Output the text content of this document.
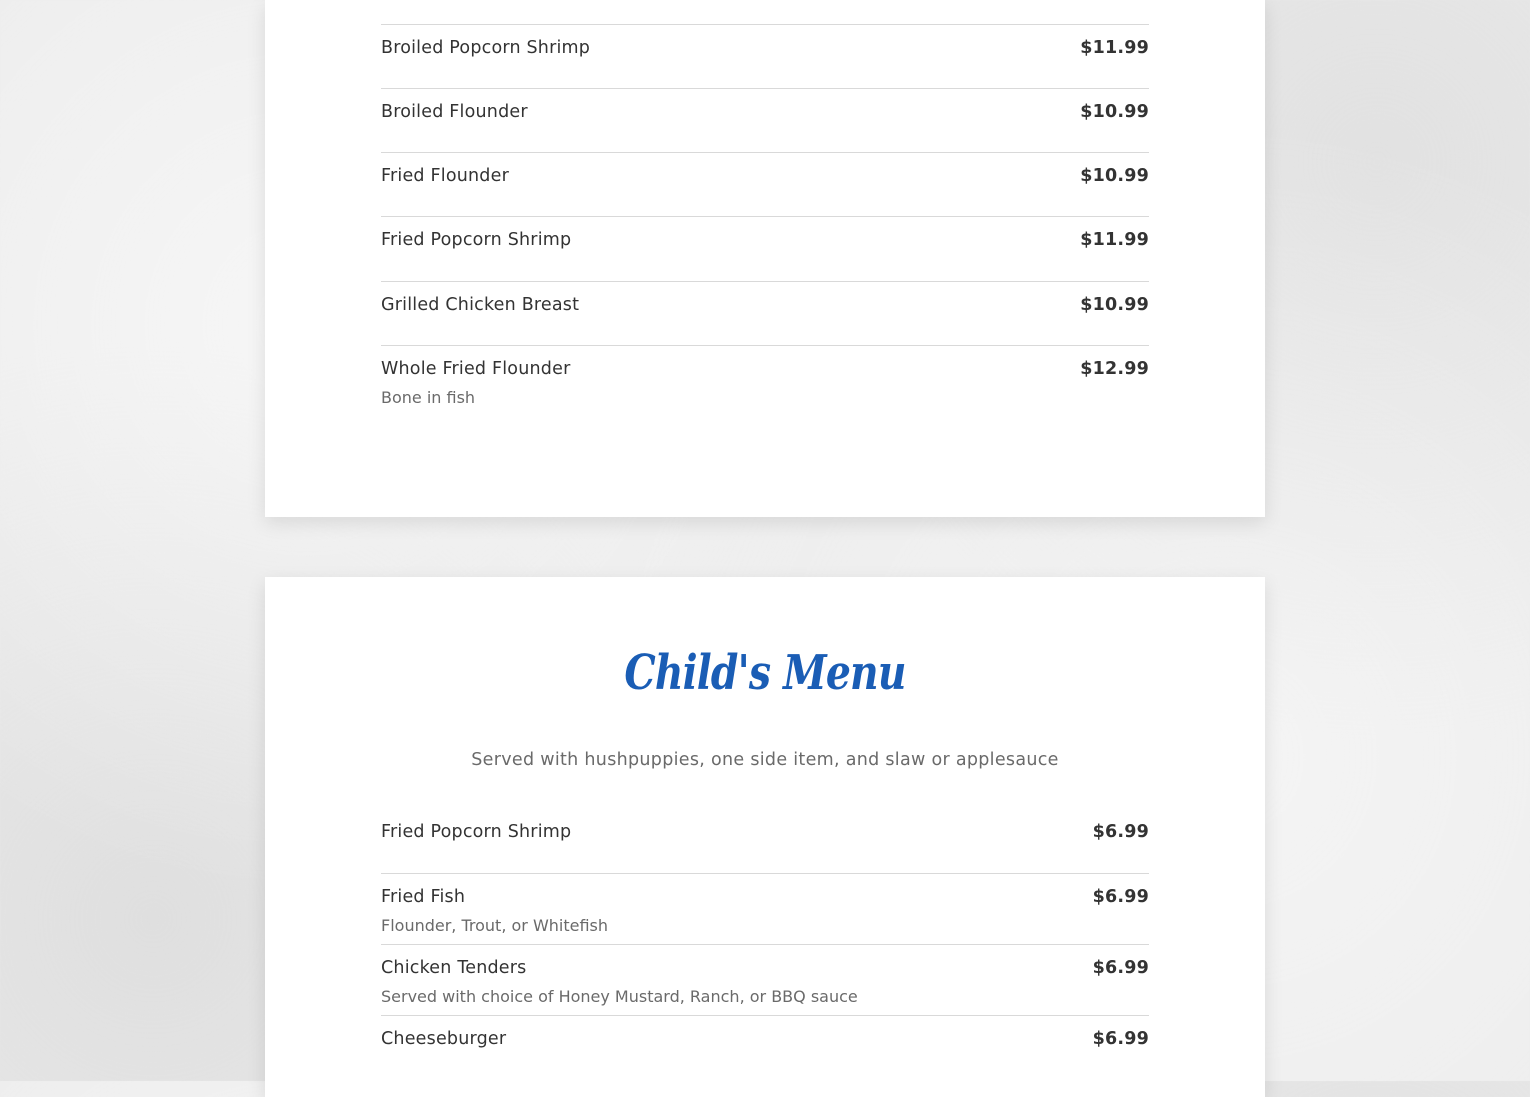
Broiled Popcorn Shrimp	$11.99
Broiled Flounder	$10.99
Fried Flounder	$10.99
Fried Popcorn Shrimp	$11.99
Grilled Chicken Breast	$10.99
Whole Fried Flounder	$12.99
Bone in fish
Child's Menu
Served with hushpuppies, one side item, and slaw or applesauce
Fried Popcorn Shrimp	$6.99
Fried Fish	$6.99
Flounder, Trout, or Whitefish
Chicken Tenders	$6.99
Served with choice of Honey Mustard, Ranch, or BBQ sauce
Cheeseburger	$6.99
